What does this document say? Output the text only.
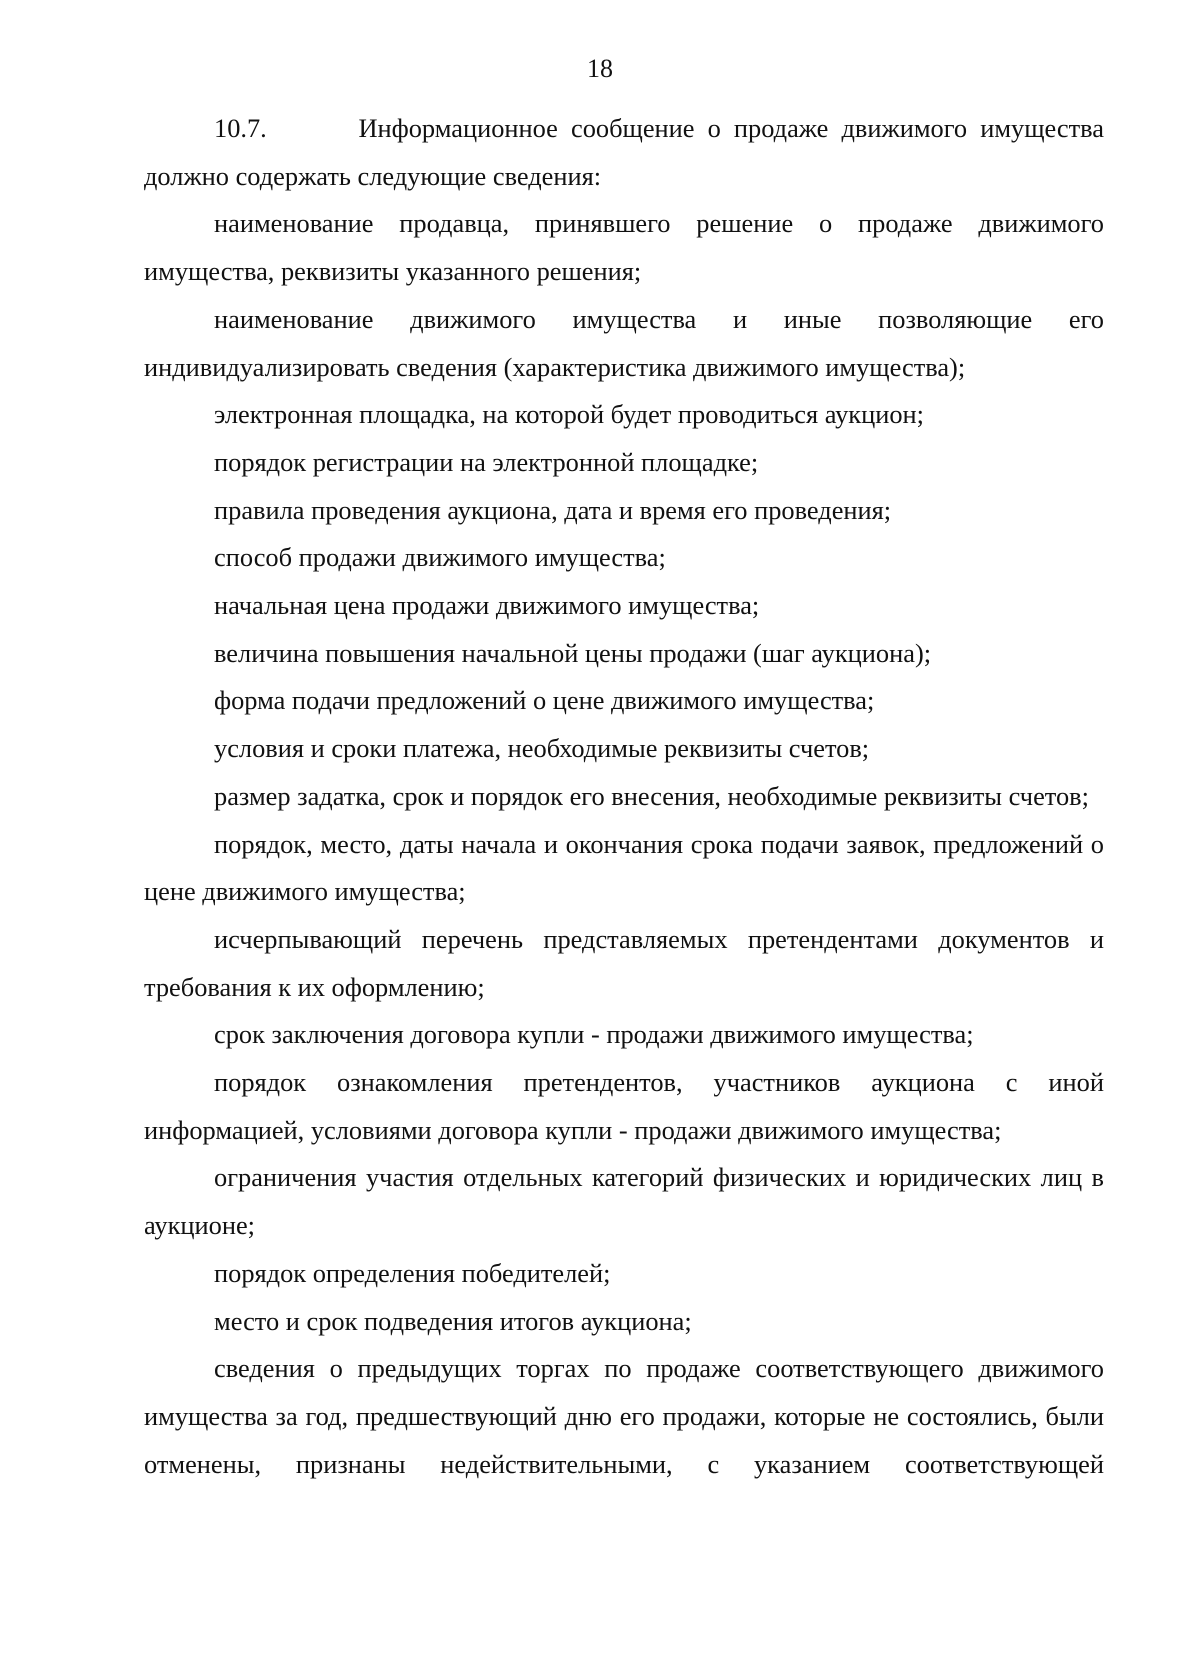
18

10.7.       Информационное сообщение о продаже движимого имущества должно содержать следующие сведения:

наименование продавца, принявшего решение о продаже движимого имущества, реквизиты указанного решения;

наименование движимого имущества и иные позволяющие его индивидуализировать сведения (характеристика движимого имущества);

электронная площадка, на которой будет проводиться аукцион;

порядок регистрации на электронной площадке;

правила проведения аукциона, дата и время его проведения;

способ продажи движимого имущества;

начальная цена продажи движимого имущества;

величина повышения начальной цены продажи (шаг аукциона);

форма подачи предложений о цене движимого имущества;

условия и сроки платежа, необходимые реквизиты счетов;

размер задатка, срок и порядок его внесения, необходимые реквизиты счетов;

порядок, место, даты начала и окончания срока подачи заявок, предложений о цене движимого имущества;

исчерпывающий перечень представляемых претендентами документов и требования к их оформлению;

срок заключения договора купли - продажи движимого имущества;

порядок ознакомления претендентов, участников аукциона с иной информацией, условиями договора купли - продажи движимого имущества;

ограничения участия отдельных категорий физических и юридических лиц в аукционе;

порядок определения победителей;

место и срок подведения итогов аукциона;

сведения о предыдущих торгах по продаже соответствующего движимого имущества за год, предшествующий дню его продажи, которые не состоялись, были отменены, признаны недействительными, с указанием соответствующей
